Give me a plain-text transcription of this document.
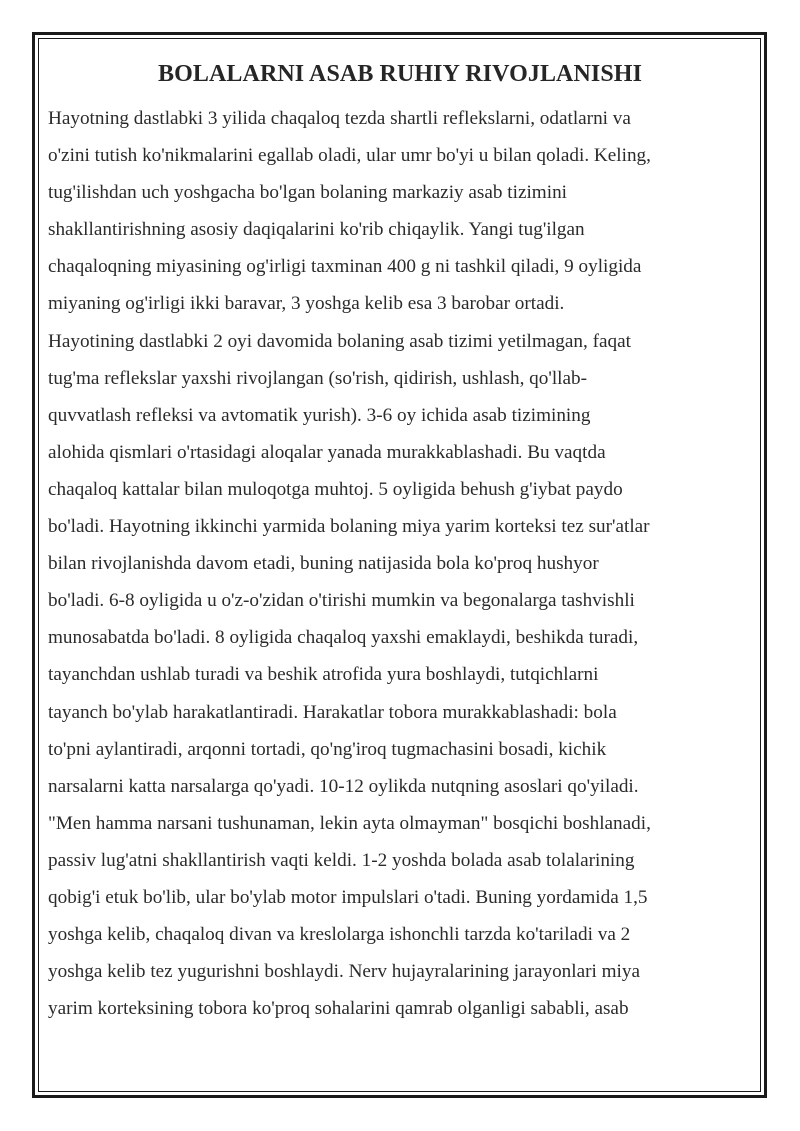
BOLALARNI ASAB RUHIY RIVOJLANISHI
Hayotning dastlabki 3 yilida chaqaloq tezda shartli reflekslarni, odatlarni va
o'zini tutish ko'nikmalarini egallab oladi, ular umr bo'yi u bilan qoladi. Keling,
tug'ilishdan uch yoshgacha bo'lgan bolaning markaziy asab tizimini
shakllantirishning asosiy daqiqalarini ko'rib chiqaylik. Yangi tug'ilgan
chaqaloqning miyasining og'irligi taxminan 400 g ni tashkil qiladi, 9 oyligida
miyaning og'irligi ikki baravar, 3 yoshga kelib esa 3 barobar ortadi.
Hayotining dastlabki 2 oyi davomida bolaning asab tizimi yetilmagan, faqat
tug'ma reflekslar yaxshi rivojlangan (so'rish, qidirish, ushlash, qo'llab-
quvvatlash refleksi va avtomatik yurish). 3-6 oy ichida asab tizimining
alohida qismlari o'rtasidagi aloqalar yanada murakkablashadi. Bu vaqtda
chaqaloq kattalar bilan muloqotga muhtoj. 5 oyligida behush g'iybat paydo
bo'ladi. Hayotning ikkinchi yarmida bolaning miya yarim korteksi tez sur'atlar
bilan rivojlanishda davom etadi, buning natijasida bola ko'proq hushyor
bo'ladi. 6-8 oyligida u o'z-o'zidan o'tirishi mumkin va begonalarga tashvishli
munosabatda bo'ladi. 8 oyligida chaqaloq yaxshi emaklaydi, beshikda turadi,
tayanchdan ushlab turadi va beshik atrofida yura boshlaydi, tutqichlarni
tayanch bo'ylab harakatlantiradi. Harakatlar tobora murakkablashadi: bola
to'pni aylantiradi, arqonni tortadi, qo'ng'iroq tugmachasini bosadi, kichik
narsalarni katta narsalarga qo'yadi. 10-12 oylikda nutqning asoslari qo'yiladi.
"Men hamma narsani tushunaman, lekin ayta olmayman" bosqichi boshlanadi,
passiv lug'atni shakllantirish vaqti keldi. 1-2 yoshda bolada asab tolalarining
qobig'i etuk bo'lib, ular bo'ylab motor impulslari o'tadi. Buning yordamida 1,5
yoshga kelib, chaqaloq divan va kreslolarga ishonchli tarzda ko'tariladi va 2
yoshga kelib tez yugurishni boshlaydi. Nerv hujayralarining jarayonlari miya
yarim korteksining tobora ko'proq sohalarini qamrab olganligi sababli, asab
